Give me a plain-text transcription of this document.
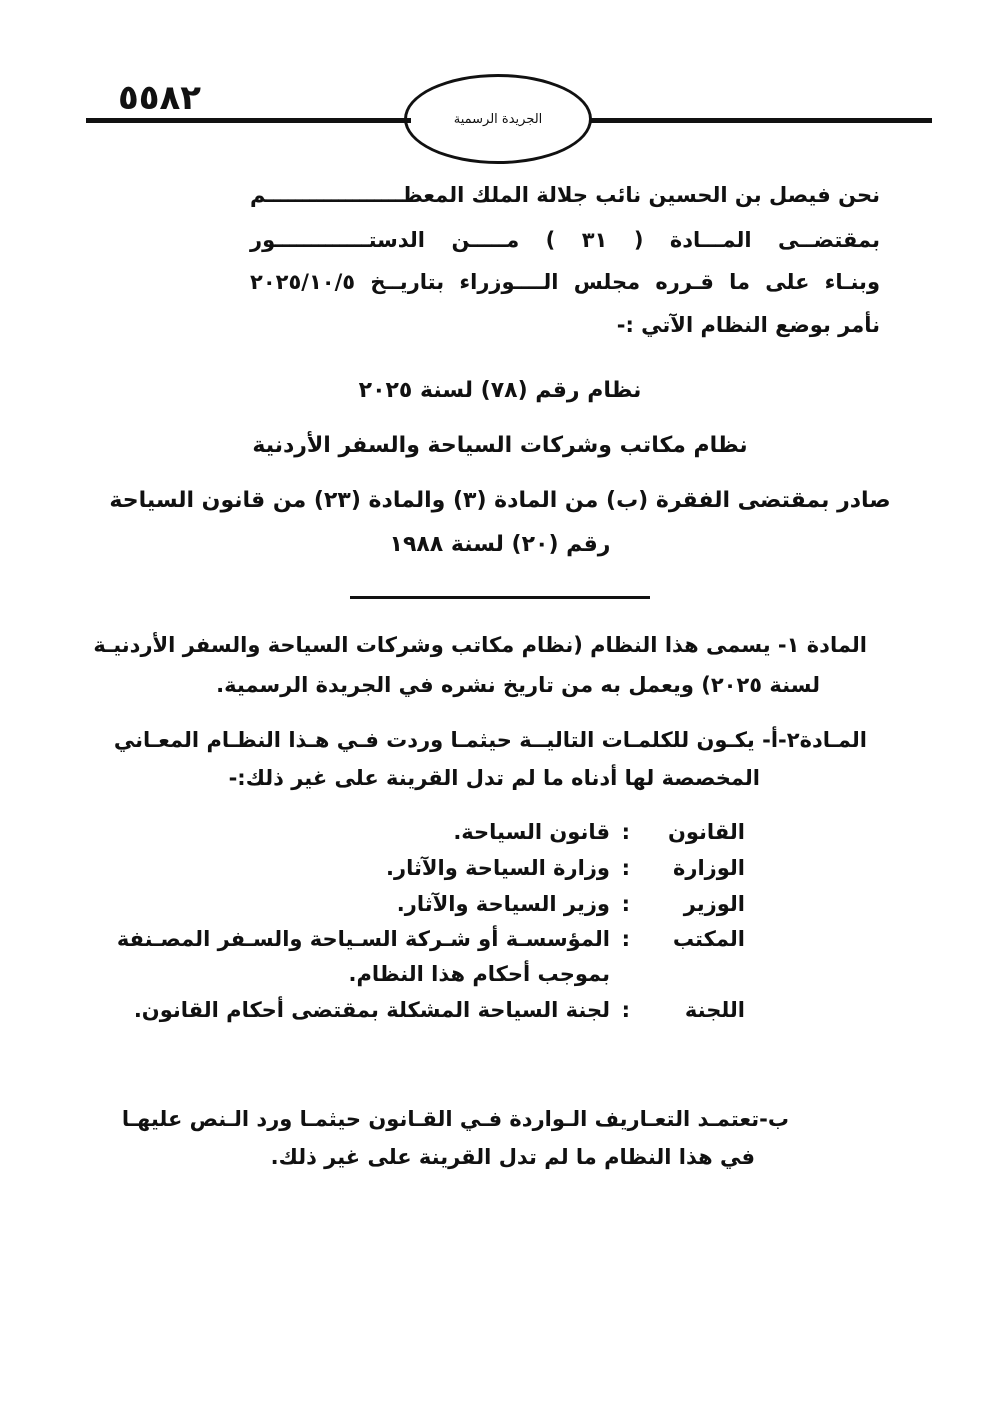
٥٥٨٢
الجريدة الرسمية
نحن فيصل بن الحسين نائب جلالة الملك المعظـــــــــــــــــــم
بمقتضــى المـــادة ( ٣١ ) مـــــن الدستـــــــــــــور
وبنـاء على ما قـرره مجلس الــــوزراء بتاريــخ ٢٠٢٥/١٠/٥
نأمر بوضع النظام الآتي :-
نظام رقم (٧٨) لسنة ٢٠٢٥
نظام مكاتب وشركات السياحة والسفر الأردنية
صادر بمقتضى الفقرة (ب) من المادة (٣) والمادة (٢٣) من قانون السياحة
رقم (٢٠) لسنة ١٩٨٨
المادة ١- يسمى هذا النظام (نظام مكاتب وشركات السياحة والسفر الأردنيـة
لسنة ٢٠٢٥) ويعمل به من تاريخ نشره في الجريدة الرسمية.
المـادة٢-أ- يكـون للكلمـات التاليــة حيثمـا وردت فـي هـذا النظـام المعـاني
المخصصة لها أدناه ما لم تدل القرينة على غير ذلك:-
القانون
:
قانون السياحة.
الوزارة
:
وزارة السياحة والآثار.
الوزير
:
وزير السياحة والآثار.
المكتب
:
المؤسسـة أو شـركة السـياحة والسـفر المصـنفة
بموجب أحكام هذا النظام.
اللجنة
:
لجنة السياحة المشكلة بمقتضى أحكام القانون.
ب-تعتمـد التعـاريف الـواردة فـي القـانون حيثمـا ورد الـنص عليهـا
في هذا النظام ما لم تدل القرينة على غير ذلك.
